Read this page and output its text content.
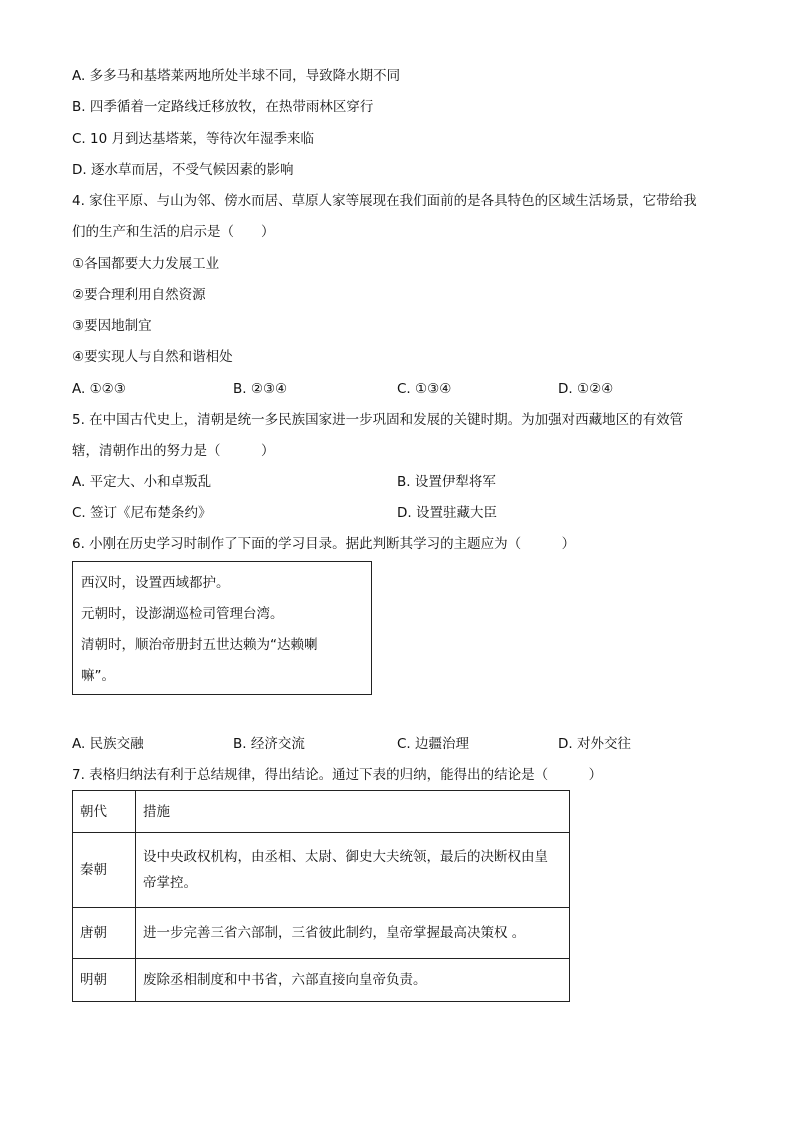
A. 多多马和基塔莱两地所处半球不同，导致降水期不同
B. 四季循着一定路线迁移放牧，在热带雨林区穿行
C. 10 月到达基塔莱，等待次年湿季来临
D. 逐水草而居，不受气候因素的影响
4. 家住平原、与山为邻、傍水而居、草原人家等展现在我们面前的是各具特色的区域生活场景，它带给我
们的生产和生活的启示是（　　）
①各国都要大力发展工业
②要合理利用自然资源
③要因地制宜
④要实现人与自然和谐相处
A. ①②③	B. ②③④	C. ①③④	D. ①②④
5. 在中国古代史上，清朝是统一多民族国家进一步巩固和发展的关键时期。为加强对西藏地区的有效管
辖，清朝作出的努力是（　　　）
A. 平定大、小和卓叛乱	B. 设置伊犁将军
C. 签订《尼布楚条约》	D. 设置驻藏大臣
6. 小刚在历史学习时制作了下面的学习目录。据此判断其学习的主题应为（　　　）
西汉时，设置西域都护。
元朝时，设澎湖巡检司管理台湾。
清朝时，顺治帝册封五世达赖为“达赖喇
嘛”。
A. 民族交融	B. 经济交流	C. 边疆治理	D. 对外交往
7. 表格归纳法有利于总结规律，得出结论。通过下表的归纳，能得出的结论是（　　　）
朝代	措施
秦朝	设中央政权机构，由丞相、太尉、御史大夫统领，最后的决断权由皇
帝掌控。

唐朝	进一步完善三省六部制，三省彼此制约，皇帝掌握最高决策权 。
明朝	废除丞相制度和中书省，六部直接向皇帝负责。
